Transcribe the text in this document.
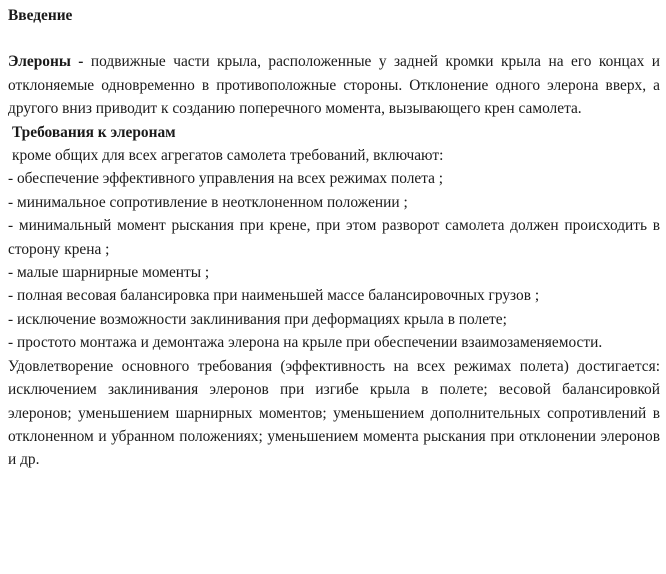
Введение

Элероны - подвижные части крыла, расположенные у задней кромки крыла на его концах и отклоняемые одновременно в противоположные стороны. Отклонение одного элерона вверх, а другого вниз приводит к созданию поперечного момента, вызывающего крен самолета.

Требования к элеронам

кроме общих для всех агрегатов самолета требований, включают:

- обеспечение эффективного управления на всех режимах полета ;
- минимальное сопротивление в неотклоненном положении ;
- минимальный момент рыскания при крене, при этом разворот самолета должен происходить в сторону крена ;
- малые шарнирные моменты ;
- полная весовая балансировка при наименьшей массе балансировочных грузов ;
- исключение возможности заклинивания при деформациях крыла в полете;
- простото монтажа и демонтажа элерона на крыле при обеспечении взаимозаменяемости.

Удовлетворение основного требования (эффективность на всех режимах полета) достигается: исключением заклинивания элеронов при изгибе крыла в полете; весовой балансировкой элеронов; уменьшением шарнирных моментов; уменьшением дополнительных сопротивлений в отклоненном и убранном положениях; уменьшением момента рыскания при отклонении элеронов и др.
